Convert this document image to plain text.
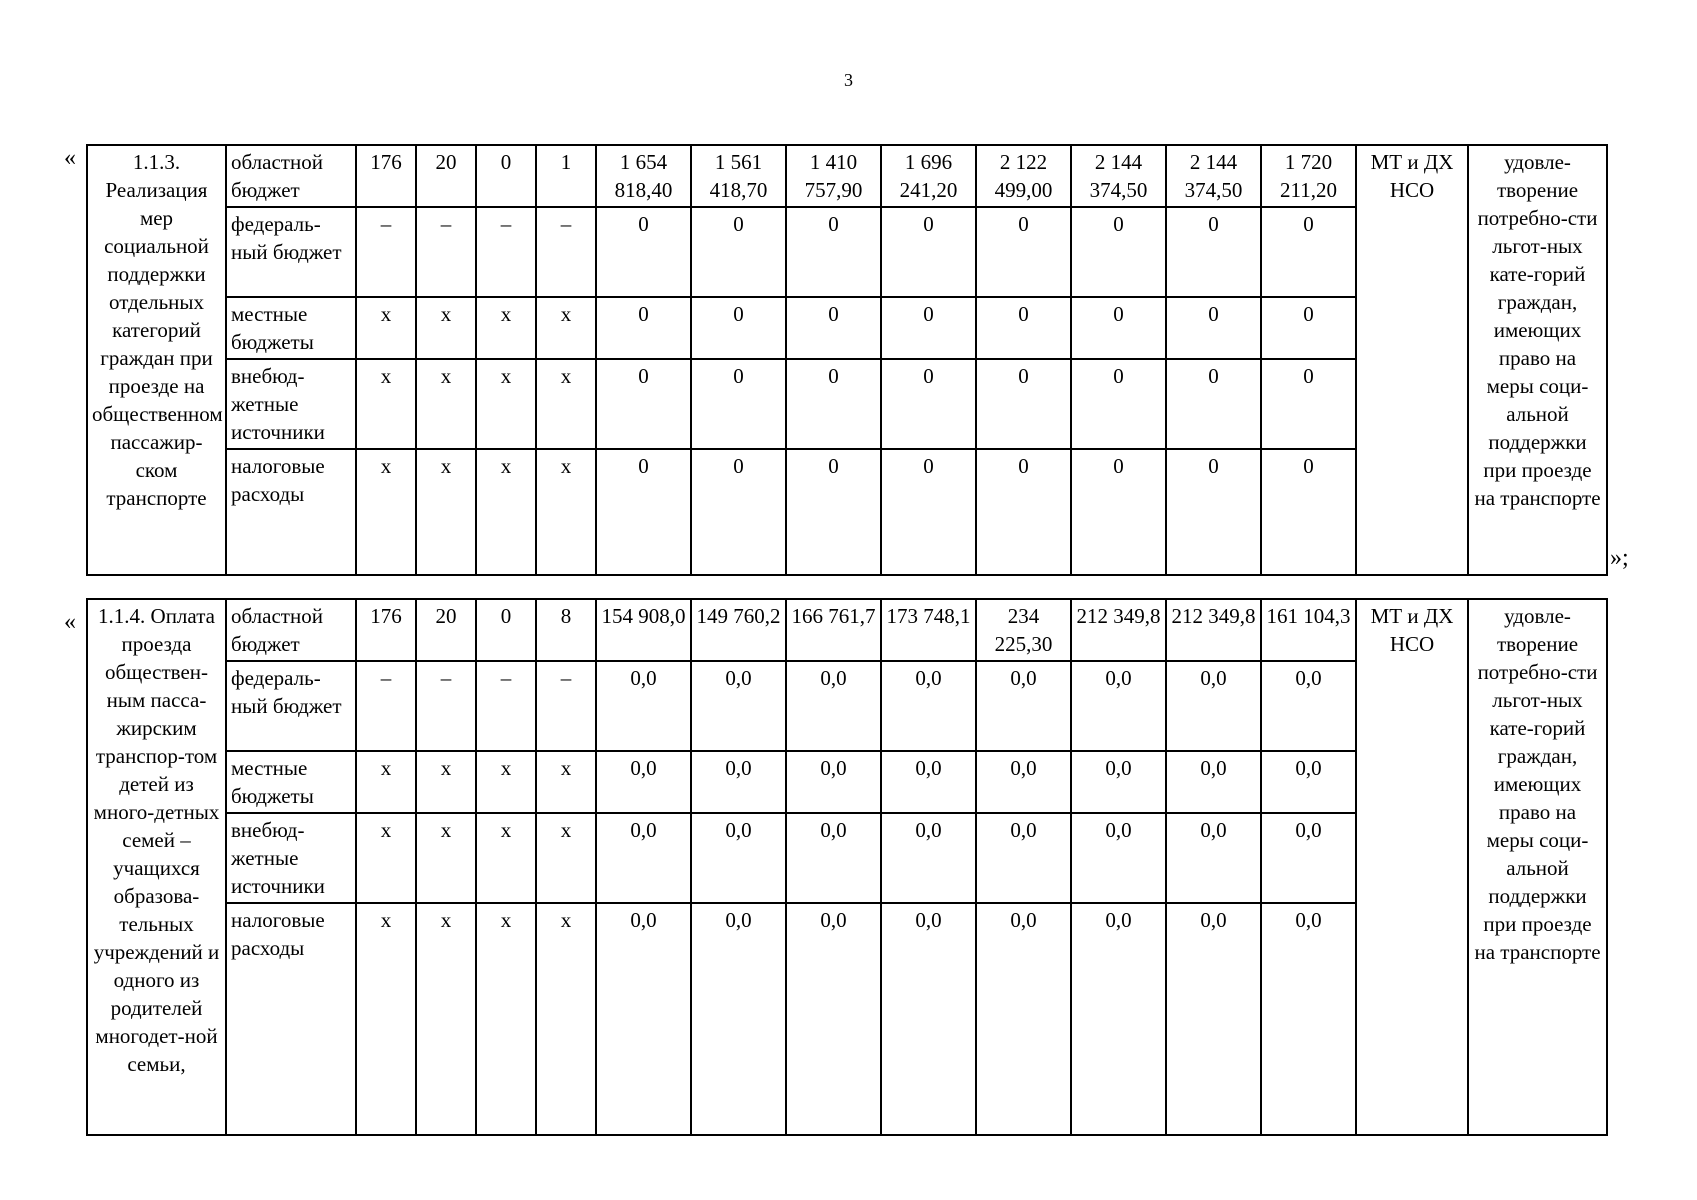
3
«	1.1.3. Реализация мер социальной поддержки отдельных категорий граждан при проезде на общественном пассажир-ском транспорте	областной бюджет	176	20	0	1	1 654 818,40	1 561 418,70	1 410 757,90	1 696 241,20	2 122 499,00	2 144 374,50	2 144 374,50	1 720 211,20	МТ и ДХ НСО	удовле-творение потребно-сти льгот-ных кате-горий граждан, имеющих право на меры соци-альной поддержки при проезде на транспорте
	федераль-ный бюджет	–	–	–	–	0	0	0	0	0	0	0	0		
	местные бюджеты	х	х	х	х	0	0	0	0	0	0	0	0		
	внебюд-жетные источники	х	х	х	х	0	0	0	0	0	0	0	0		
	налоговые расходы	х	х	х	х	0	0	0	0	0	0	0	0		
»;
« 1.1.4. Оплата проезда обществен-ным пасса-жирским транспор-том детей из много-детных семей – учащихся образова-тельных учреждений и одного из родителей многодет-ной семьи,	областной бюджет	176	20	0	8	154 908,0	149 760,2	166 761,7	173 748,1	234 225,30	212 349,8	212 349,8	161 104,3	МТ и ДХ НСО	удовле-творение потребно-сти льгот-ных кате-горий граждан, имеющих право на меры соци-альной поддержки при проезде на транспорте
	федераль-ный бюджет	–	–	–	–	0,0	0,0	0,0	0,0	0,0	0,0	0,0	0,0		
	местные бюджеты	х	х	х	х	0,0	0,0	0,0	0,0	0,0	0,0	0,0	0,0		
	внебюд-жетные источники	х	х	х	х	0,0	0,0	0,0	0,0	0,0	0,0	0,0	0,0		
	налоговые расходы	х	х	х	х	0,0	0,0	0,0	0,0	0,0	0,0	0,0	0,0		
